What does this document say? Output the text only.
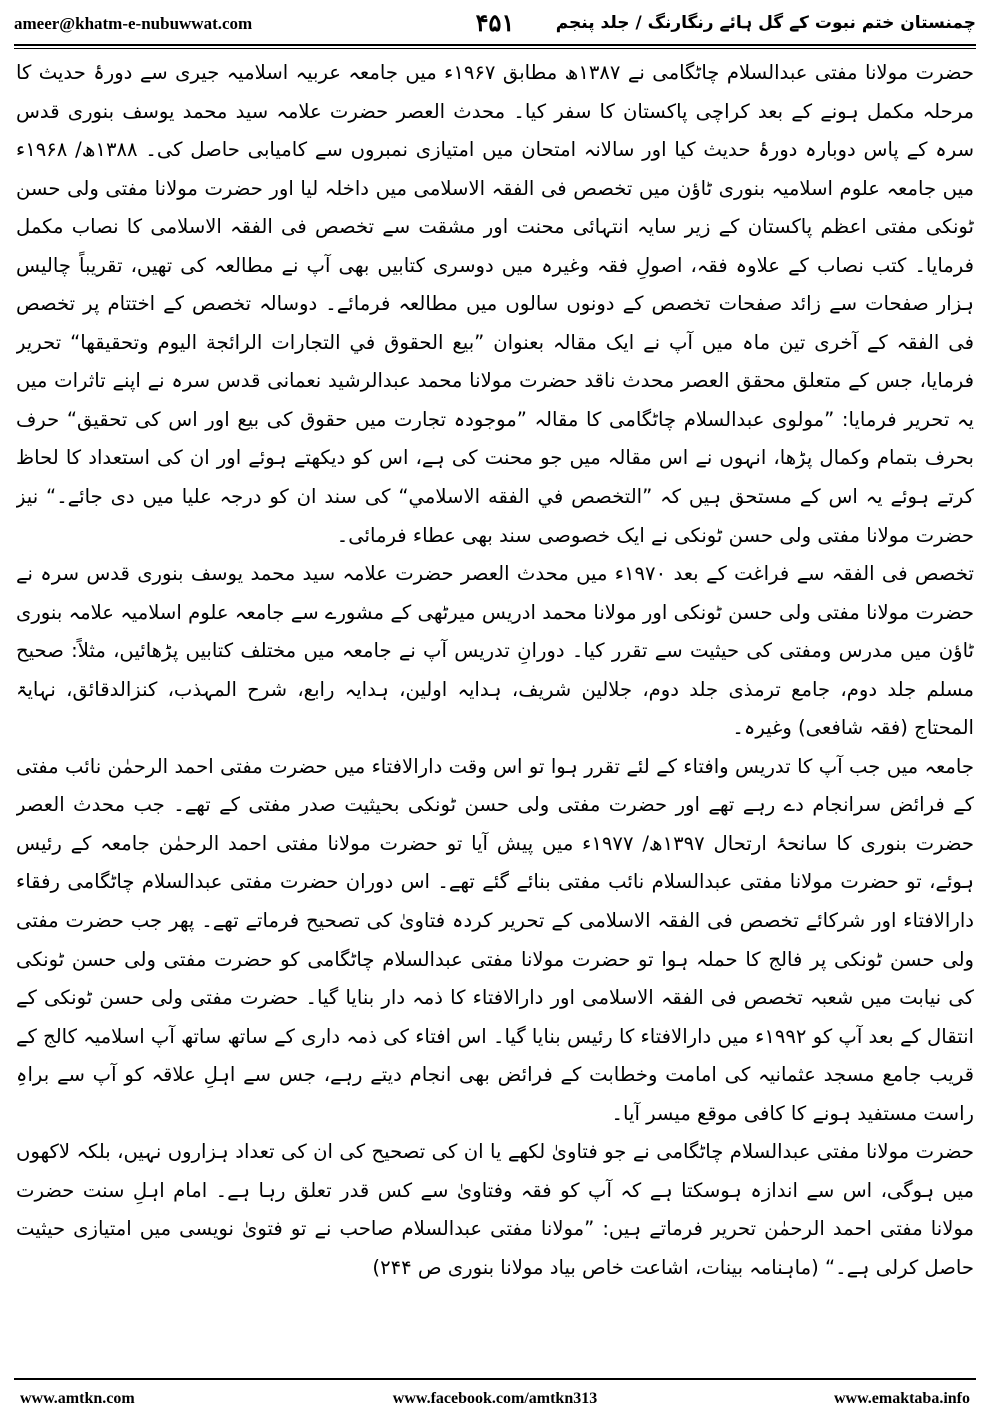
ameer@khatm-e-nubuwwat.com	۴۵۱ چمنستان ختم نبوت کے گل ہائے رنگارنگ / جلد پنجم

حضرت مولانا مفتی عبدالسلام چاٹگامی نے ۱۳۸۷ھ مطابق ۱۹۶۷ء میں جامعہ عربیہ اسلامیہ جیری سے دورۂ حدیث کا مرحلہ مکمل ہونے کے بعد کراچی پاکستان کا سفر کیا۔ محدث العصر حضرت علامہ سید محمد یوسف بنوری قدس سرہ کے پاس دوبارہ دورۂ حدیث کیا اور سالانہ امتحان میں امتیازی نمبروں سے کامیابی حاصل کی۔ ۱۳۸۸ھ/ ۱۹۶۸ء میں جامعہ علوم اسلامیہ بنوری ٹاؤن میں تخصص فی الفقہ الاسلامی میں داخلہ لیا اور حضرت مولانا مفتی ولی حسن ٹونکی مفتی اعظم پاکستان کے زیر سایہ انتہائی محنت اور مشقت سے تخصص فی الفقہ الاسلامی کا نصاب مکمل فرمایا۔ کتب نصاب کے علاوہ فقہ، اصولِ فقہ وغیرہ میں دوسری کتابیں بھی آپ نے مطالعہ کی تھیں، تقریباً چالیس ہزار صفحات سے زائد صفحات تخصص کے دونوں سالوں میں مطالعہ فرمائے۔ دوسالہ تخصص کے اختتام پر تخصص فی الفقہ کے آخری تین ماہ میں آپ نے ایک مقالہ بعنوان ”بیع الحقوق في التجارات الرائجة اليوم وتحقيقها“ تحریر فرمایا، جس کے متعلق محقق العصر محدث ناقد حضرت مولانا محمد عبدالرشید نعمانی قدس سرہ نے اپنے تاثرات میں یہ تحریر فرمایا: ”مولوی عبدالسلام چاٹگامی کا مقالہ ”موجودہ تجارت میں حقوق کی بیع اور اس کی تحقیق“ حرف بحرف بتمام وکمال پڑھا، انہوں نے اس مقالہ میں جو محنت کی ہے، اس کو دیکھتے ہوئے اور ان کی استعداد کا لحاظ کرتے ہوئے یہ اس کے مستحق ہیں کہ ”التخصص في الفقه الاسلامي“ کی سند ان کو درجہ علیا میں دی جائے۔“ نیز حضرت مولانا مفتی ولی حسن ٹونکی نے ایک خصوصی سند بھی عطاء فرمائی۔

تخصص فی الفقہ سے فراغت کے بعد ۱۹۷۰ء میں محدث العصر حضرت علامہ سید محمد یوسف بنوری قدس سرہ نے حضرت مولانا مفتی ولی حسن ٹونکی اور مولانا محمد ادریس میرٹھی کے مشورے سے جامعہ علوم اسلامیہ علامہ بنوری ٹاؤن میں مدرس ومفتی کی حیثیت سے تقرر کیا۔ دورانِ تدریس آپ نے جامعہ میں مختلف کتابیں پڑھائیں، مثلاً: صحیح مسلم جلد دوم، جامع ترمذی جلد دوم، جلالین شریف، ہدایہ اولین، ہدایہ رابع، شرح المہذب، کنزالدقائق، نہایۃ المحتاج (فقہ شافعی) وغیرہ۔

جامعہ میں جب آپ کا تدریس وافتاء کے لئے تقرر ہوا تو اس وقت دارالافتاء میں حضرت مفتی احمد الرحمٰن نائب مفتی کے فرائض سرانجام دے رہے تھے اور حضرت مفتی ولی حسن ٹونکی بحیثیت صدر مفتی کے تھے۔ جب محدث العصر حضرت بنوری کا سانحۂ ارتحال ۱۳۹۷ھ/ ۱۹۷۷ء میں پیش آیا تو حضرت مولانا مفتی احمد الرحمٰن جامعہ کے رئیس ہوئے، تو حضرت مولانا مفتی عبدالسلام نائب مفتی بنائے گئے تھے۔ اس دوران حضرت مفتی عبدالسلام چاٹگامی رفقاء دارالافتاء اور شرکائے تخصص فی الفقہ الاسلامی کے تحریر کردہ فتاویٰ کی تصحیح فرماتے تھے۔ پھر جب حضرت مفتی ولی حسن ٹونکی پر فالج کا حملہ ہوا تو حضرت مولانا مفتی عبدالسلام چاٹگامی کو حضرت مفتی ولی حسن ٹونکی کی نیابت میں شعبہ تخصص فی الفقہ الاسلامی اور دارالافتاء کا ذمہ دار بنایا گیا۔ حضرت مفتی ولی حسن ٹونکی کے انتقال کے بعد آپ کو ۱۹۹۲ء میں دارالافتاء کا رئیس بنایا گیا۔ اس افتاء کی ذمہ داری کے ساتھ ساتھ آپ اسلامیہ کالج کے قریب جامع مسجد عثمانیہ کی امامت وخطابت کے فرائض بھی انجام دیتے رہے، جس سے اہلِ علاقہ کو آپ سے براہِ راست مستفید ہونے کا کافی موقع میسر آیا۔

حضرت مولانا مفتی عبدالسلام چاٹگامی نے جو فتاویٰ لکھے یا ان کی تصحیح کی ان کی تعداد ہزاروں نہیں، بلکہ لاکھوں میں ہوگی، اس سے اندازہ ہوسکتا ہے کہ آپ کو فقہ وفتاویٰ سے کس قدر تعلق رہا ہے۔ امام اہلِ سنت حضرت مولانا مفتی احمد الرحمٰن تحریر فرماتے ہیں: ”مولانا مفتی عبدالسلام صاحب نے تو فتویٰ نویسی میں امتیازی حیثیت حاصل کرلی ہے۔“ (ماہنامہ بینات، اشاعت خاص بیاد مولانا بنوری ص ۲۴۴)

www.amtkn.com	www.facebook.com/amtkn313	www.emaktaba.info
